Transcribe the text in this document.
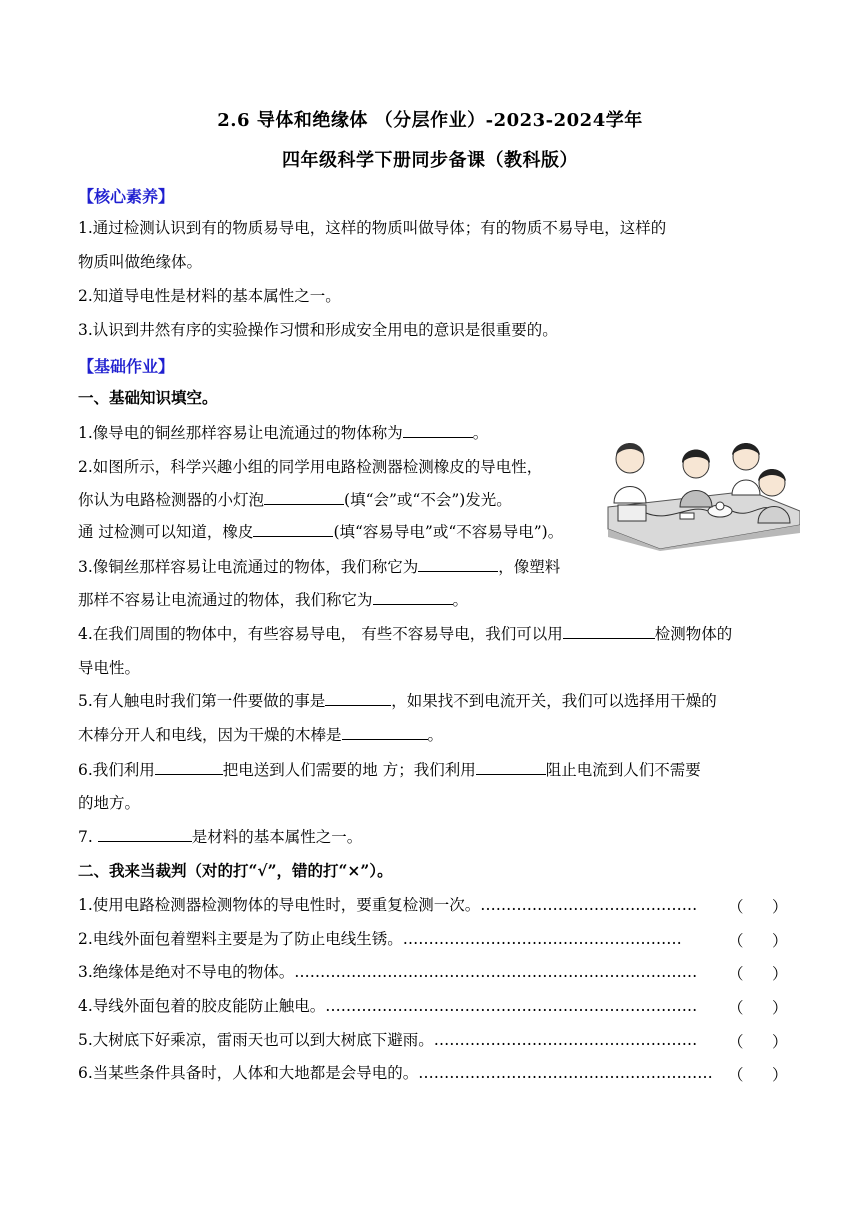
2.6 导体和绝缘体 （分层作业）-2023-2024学年
四年级科学下册同步备课（教科版）
【核心素养】
1.通过检测认识到有的物质易导电，这样的物质叫做导体；有的物质不易导电，这样的
物质叫做绝缘体。
2.知道导电性是材料的基本属性之一。
3.认识到井然有序的实验操作习惯和形成安全用电的意识是很重要的。
【基础作业】
一、基础知识填空。
1.像导电的铜丝那样容易让电流通过的物体称为	。
2.如图所示，科学兴趣小组的同学用电路检测器检测橡皮的导电性，
你认为电路检测器的小灯泡	(填“会”或“不会”)发光。
通 过检测可以知道，橡皮	(填“容易导电”或“不容易导电”)。
3.像铜丝那样容易让电流通过的物体，我们称它为	，像塑料
那样不容易让电流通过的物体，我们称它为	。
4.在我们周围的物体中，有些容易导电， 有些不容易导电，我们可以用	检测物体的
导电性。
5.有人触电时我们第一件要做的事是	，如果找不到电流开关，我们可以选择用干燥的
木棒分开人和电线，因为干燥的木棒是	。
6.我们利用	把电送到人们需要的地 方；我们利用	阻止电流到人们不需要
的地方。
7.	是材料的基本属性之一。
二、我来当裁判（对的打“√”，错的打“×”）。
1.使用电路检测器检测物体的导电性时，要重复检测一次。……………………………………	（ ）
2.电线外面包着塑料主要是为了防止电线生锈。………………………………………………	（ ）
3.绝缘体是绝对不导电的物体。……………………………………………………………………	（ ）
4.导线外面包着的胶皮能防止触电。………………………………………………………………	（ ）
5.大树底下好乘凉，雷雨天也可以到大树底下避雨。……………………………………………	（ ）
6.当某些条件具备时，人体和大地都是会导电的。………………………………………………… （ ）
